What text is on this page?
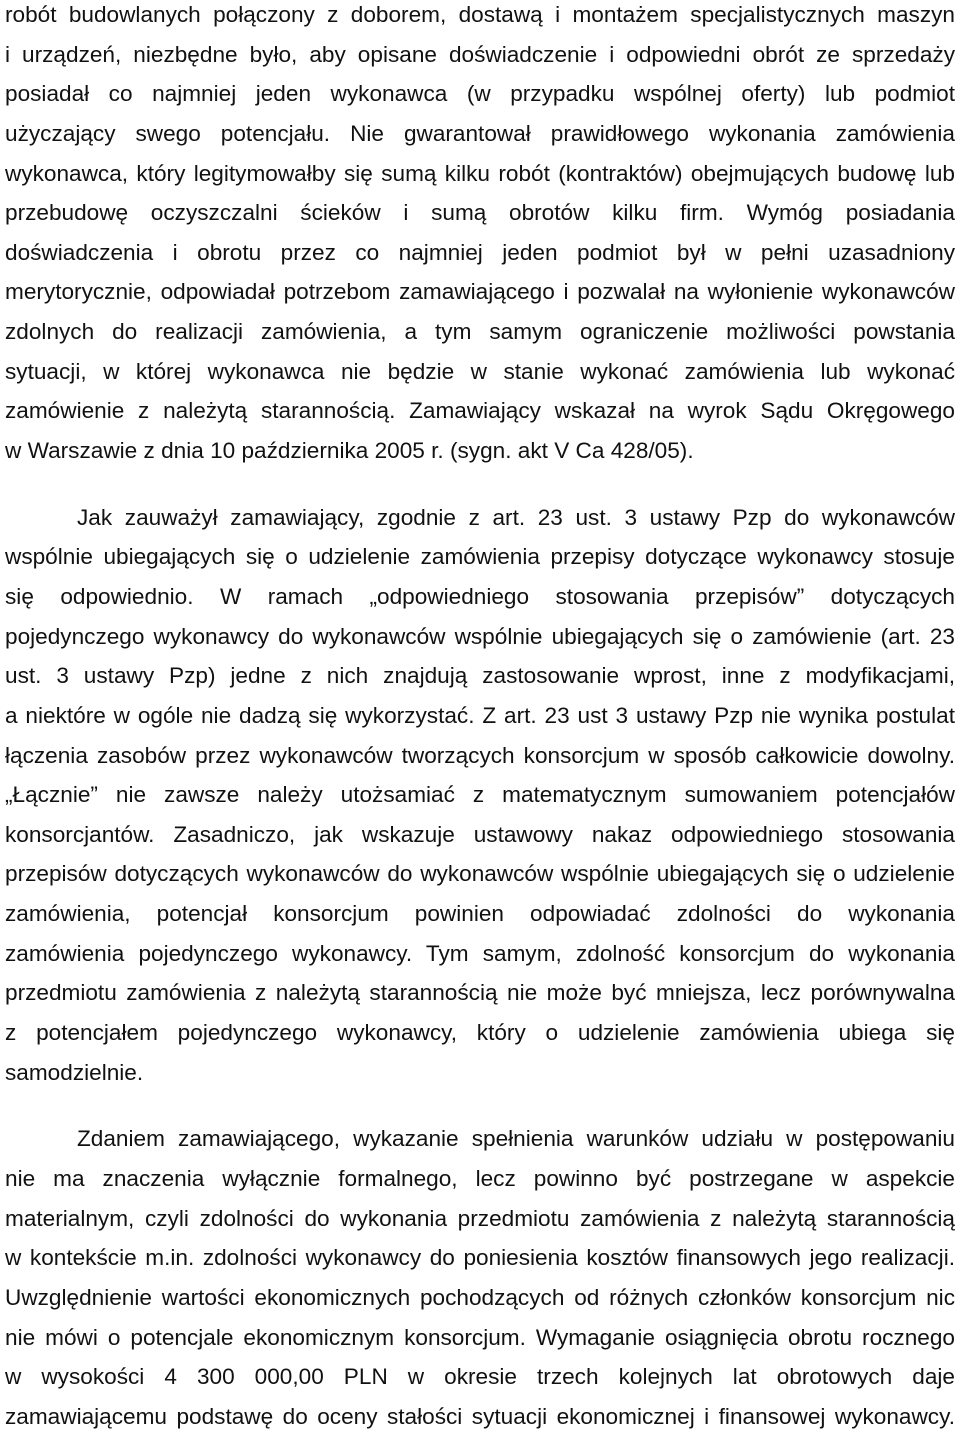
robót budowlanych połączony z doborem, dostawą i montażem specjalistycznych maszyn
i urządzeń, niezbędne było, aby opisane doświadczenie i odpowiedni obrót ze sprzedaży
posiadał co najmniej jeden wykonawca (w przypadku wspólnej oferty) lub podmiot
użyczający swego potencjału. Nie gwarantował prawidłowego wykonania zamówienia
wykonawca, który legitymowałby się sumą kilku robót (kontraktów) obejmujących budowę lub
przebudowę oczyszczalni ścieków i sumą obrotów kilku firm. Wymóg posiadania
doświadczenia i obrotu przez co najmniej jeden podmiot był w pełni uzasadniony
merytorycznie, odpowiadał potrzebom zamawiającego i pozwalał na wyłonienie wykonawców
zdolnych do realizacji zamówienia, a tym samym ograniczenie możliwości powstania
sytuacji, w której wykonawca nie będzie w stanie wykonać zamówienia lub wykonać
zamówienie z należytą starannością. Zamawiający wskazał na wyrok Sądu Okręgowego
w Warszawie z dnia 10 października 2005 r. (sygn. akt V Ca 428/05).
Jak zauważył zamawiający, zgodnie z art. 23 ust. 3 ustawy Pzp do wykonawców
wspólnie ubiegających się o udzielenie zamówienia przepisy dotyczące wykonawcy stosuje
się odpowiednio. W ramach „odpowiedniego stosowania przepisów” dotyczących
pojedynczego wykonawcy do wykonawców wspólnie ubiegających się o zamówienie (art. 23
ust. 3 ustawy Pzp) jedne z nich znajdują zastosowanie wprost, inne z modyfikacjami,
a niektóre w ogóle nie dadzą się wykorzystać. Z art. 23 ust 3 ustawy Pzp nie wynika postulat
łączenia zasobów przez wykonawców tworzących konsorcjum w sposób całkowicie dowolny.
„Łącznie” nie zawsze należy utożsamiać z matematycznym sumowaniem potencjałów
konsorcjantów. Zasadniczo, jak wskazuje ustawowy nakaz odpowiedniego stosowania
przepisów dotyczących wykonawców do wykonawców wspólnie ubiegających się o udzielenie
zamówienia, potencjał konsorcjum powinien odpowiadać zdolności do wykonania
zamówienia pojedynczego wykonawcy. Tym samym, zdolność konsorcjum do wykonania
przedmiotu zamówienia z należytą starannością nie może być mniejsza, lecz porównywalna
z potencjałem pojedynczego wykonawcy, który o udzielenie zamówienia ubiega się
samodzielnie.
Zdaniem zamawiającego, wykazanie spełnienia warunków udziału w postępowaniu
nie ma znaczenia wyłącznie formalnego, lecz powinno być postrzegane w aspekcie
materialnym, czyli zdolności do wykonania przedmiotu zamówienia z należytą starannością
w kontekście m.in. zdolności wykonawcy do poniesienia kosztów finansowych jego realizacji.
Uwzględnienie wartości ekonomicznych pochodzących od różnych członków konsorcjum nic
nie mówi o potencjale ekonomicznym konsorcjum. Wymaganie osiągnięcia obrotu rocznego
w wysokości 4 300 000,00 PLN w okresie trzech kolejnych lat obrotowych daje
zamawiającemu podstawę do oceny stałości sytuacji ekonomicznej i finansowej wykonawcy.
